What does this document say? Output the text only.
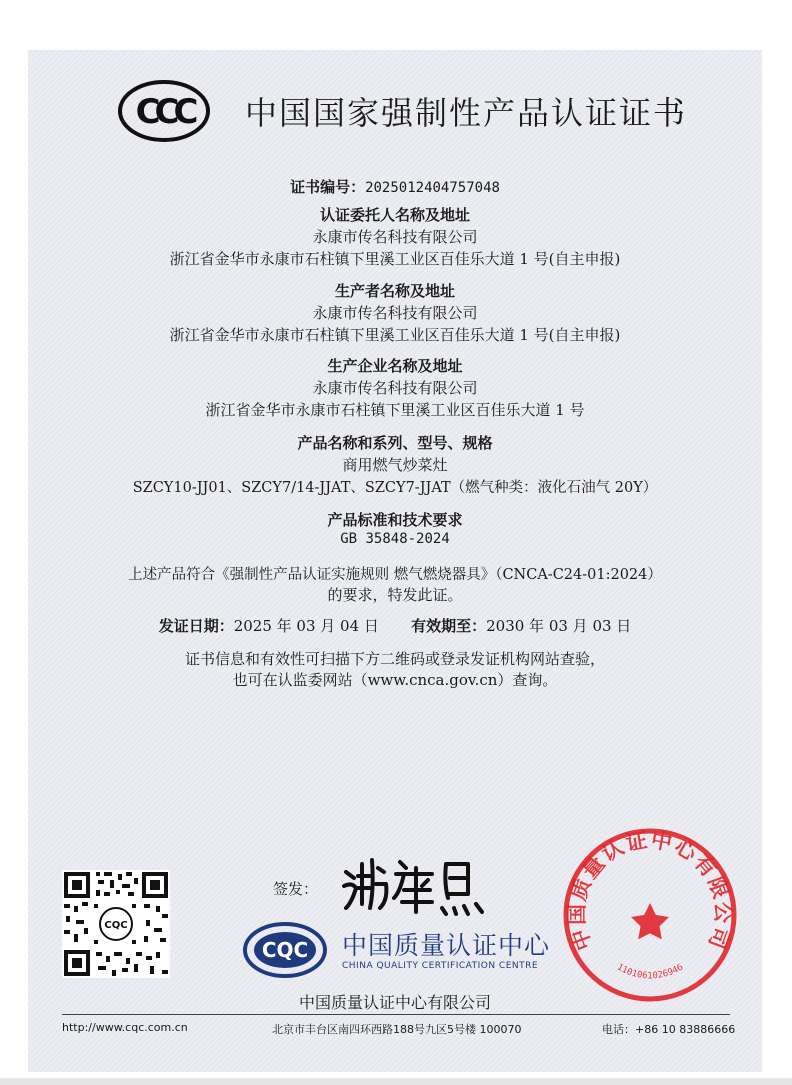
CCC 中国国家强制性产品认证证书
证书编号：2025012404757048
认证委托人名称及地址
永康市传名科技有限公司
浙江省金华市永康市石柱镇下里溪工业区百佳乐大道 1 号(自主申报)
生产者名称及地址
永康市传名科技有限公司
浙江省金华市永康市石柱镇下里溪工业区百佳乐大道 1 号(自主申报)
生产企业名称及地址
永康市传名科技有限公司
浙江省金华市永康市石柱镇下里溪工业区百佳乐大道 1 号
产品名称和系列、型号、规格
商用燃气炒菜灶
SZCY10-JJ01、SZCY7/14-JJAT、SZCY7-JJAT（燃气种类：液化石油气 20Y）
产品标准和技术要求
GB 35848-2024
上述产品符合《强制性产品认证实施规则 燃气燃烧器具》（CNCA-C24-01:2024）
的要求，特发此证。
发证日期：2025 年 03 月 04 日 有效期至：2030 年 03 月 03 日
证书信息和有效性可扫描下方二维码或登录发证机构网站查验，
也可在认监委网站（www.cnca.gov.cn）查询。
CQC
签发：
CQC 中国质量认证中心
CHINA QUALITY CERTIFICATION CENTRE
中国质量认证中心有限公司
http://www.cqc.com.cn	北京市丰台区南四环西路188号九区5号楼 100070	电话：+86 10 83886666
中国质量认证中心有限公司
1101061026946
